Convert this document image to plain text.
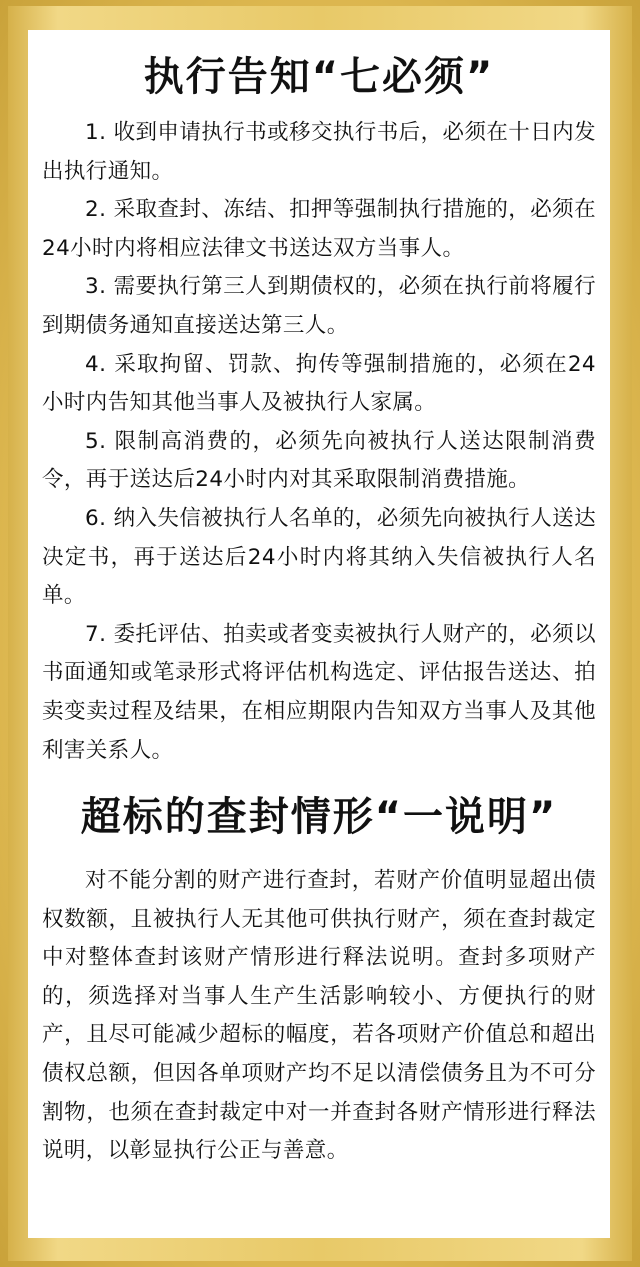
执行告知“七必须”

1. 收到申请执行书或移交执行书后，必须在十日内发出执行通知。

2. 采取查封、冻结、扣押等强制执行措施的，必须在24小时内将相应法律文书送达双方当事人。

3. 需要执行第三人到期债权的，必须在执行前将履行到期债务通知直接送达第三人。

4. 采取拘留、罚款、拘传等强制措施的，必须在24小时内告知其他当事人及被执行人家属。

5. 限制高消费的，必须先向被执行人送达限制消费令，再于送达后24小时内对其采取限制消费措施。

6. 纳入失信被执行人名单的，必须先向被执行人送达决定书，再于送达后24小时内将其纳入失信被执行人名单。

7. 委托评估、拍卖或者变卖被执行人财产的，必须以书面通知或笔录形式将评估机构选定、评估报告送达、拍卖变卖过程及结果，在相应期限内告知双方当事人及其他利害关系人。

超标的查封情形“一说明”

对不能分割的财产进行查封，若财产价值明显超出债权数额，且被执行人无其他可供执行财产，须在查封裁定中对整体查封该财产情形进行释法说明。查封多项财产的，须选择对当事人生产生活影响较小、方便执行的财产，且尽可能减少超标的幅度，若各项财产价值总和超出债权总额，但因各单项财产均不足以清偿债务且为不可分割物，也须在查封裁定中对一并查封各财产情形进行释法说明，以彰显执行公正与善意。
